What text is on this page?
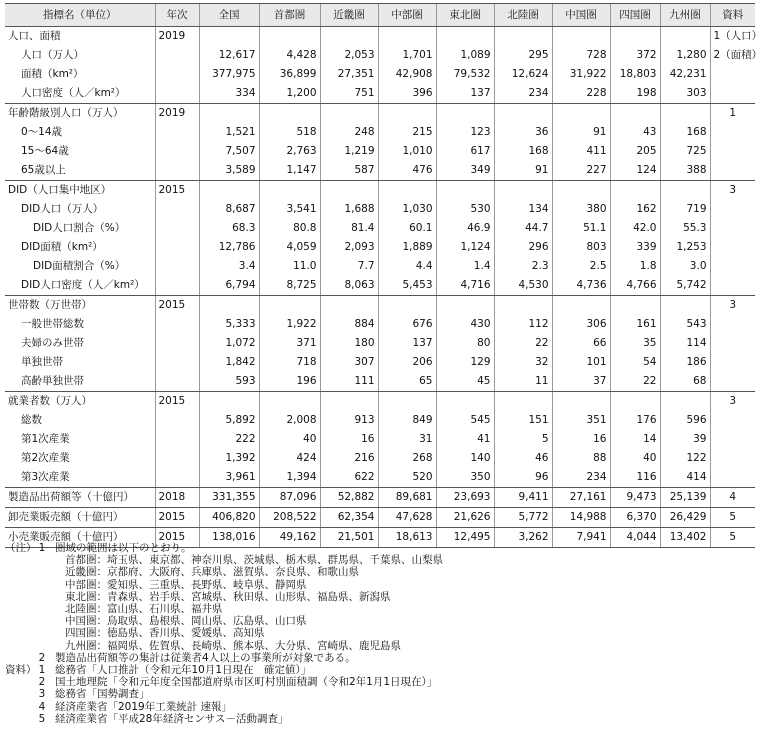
指標名（単位）	年次	全国	首都圏	近畿圏	中部圏	東北圏	北陸圏	中国圏	四国圏	九州圏	資料
人口、面積	2019										1（人口）
人口（万人）		12,617	4,428	2,053	1,701	1,089	295	728	372	1,280	2（面積）
面積（km²）		377,975	36,899	27,351	42,908	79,532	12,624	31,922	18,803	42,231	
人口密度（人／km²）		334	1,200	751	396	137	234	228	198	303	
年齢階級別人口（万人）	2019										1
0～14歳		1,521	518	248	215	123	36	91	43	168	
15～64歳		7,507	2,763	1,219	1,010	617	168	411	205	725	
65歳以上		3,589	1,147	587	476	349	91	227	124	388	
DID（人口集中地区）	2015										3
DID人口（万人）		8,687	3,541	1,688	1,030	530	134	380	162	719	
DID人口割合（%）		68.3	80.8	81.4	60.1	46.9	44.7	51.1	42.0	55.3	
DID面積（km²）		12,786	4,059	2,093	1,889	1,124	296	803	339	1,253	
DID面積割合（%）		3.4	11.0	7.7	4.4	1.4	2.3	2.5	1.8	3.0	
DID人口密度（人／km²）		6,794	8,725	8,063	5,453	4,716	4,530	4,736	4,766	5,742	
世帯数（万世帯）	2015										3
一般世帯総数		5,333	1,922	884	676	430	112	306	161	543	
夫婦のみ世帯		1,072	371	180	137	80	22	66	35	114	
単独世帯		1,842	718	307	206	129	32	101	54	186	
高齢単独世帯		593	196	111	65	45	11	37	22	68	
就業者数（万人）	2015										3
総数		5,892	2,008	913	849	545	151	351	176	596	
第1次産業		222	40	16	31	41	5	16	14	39	
第2次産業		1,392	424	216	268	140	46	88	40	122	
第3次産業		3,961	1,394	622	520	350	96	234	116	414	
製造品出荷額等（十億円）	2018	331,355	87,096	52,882	89,681	23,693	9,411	27,161	9,473	25,139	4
卸売業販売額（十億円）	2015	406,820	208,522	62,354	47,628	21,626	5,772	14,988	6,370	26,429	5
小売業販売額（十億円）	2015	138,016	49,162	21,501	18,613	12,495	3,262	7,941	4,044	13,402	5
（注） 1 圏域の範囲は以下のとおり。
首都圏：埼玉県、東京都、神奈川県、茨城県、栃木県、群馬県、千葉県、山梨県
近畿圏：京都府、大阪府、兵庫県、滋賀県、奈良県、和歌山県
中部圏：愛知県、三重県、長野県、岐阜県、静岡県
東北圏：青森県、岩手県、宮城県、秋田県、山形県、福島県、新潟県
北陸圏：富山県、石川県、福井県
中国圏：鳥取県、島根県、岡山県、広島県、山口県
四国圏：徳島県、香川県、愛媛県、高知県
九州圏：福岡県、佐賀県、長崎県、熊本県、大分県、宮崎県、鹿児島県
2 製造品出荷額等の集計は従業者4人以上の事業所が対象である。
資料） 1 総務省「人口推計（令和元年10月1日現在　確定値）」
2 国土地理院「令和元年度全国都道府県市区町村別面積調（令和2年1月1日現在）」
3 総務省「国勢調査」
4 経済産業省「2019年工業統計 速報」
5 経済産業省「平成28年経済センサス－活動調査」
